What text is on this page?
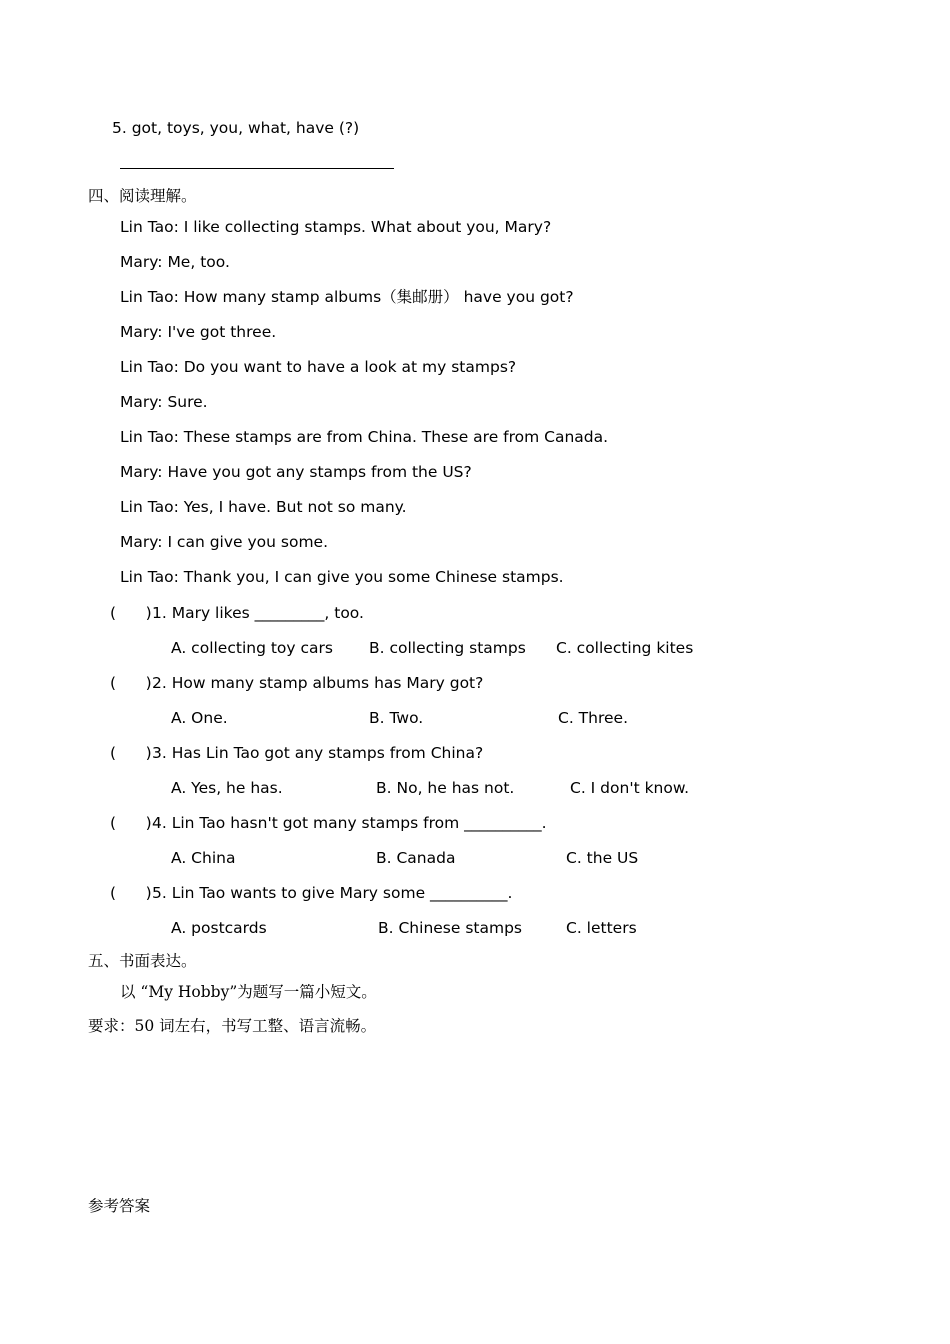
5. got, toys, you, what, have (?)
四、阅读理解。
Lin Tao: I like collecting stamps. What about you, Mary?
Mary: Me, too.
Lin Tao: How many stamp albums（集邮册） have you got?
Mary: I've got three.
Lin Tao: Do you want to have a look at my stamps?
Mary: Sure.
Lin Tao: These stamps are from China. These are from Canada.
Mary: Have you got any stamps from the US?
Lin Tao: Yes, I have. But not so many.
Mary: I can give you some.
Lin Tao: Thank you, I can give you some Chinese stamps.
(      ) 1. Mary likes _________, too.
A. collecting toy cars B. collecting stamps C. collecting kites
(      ) 2. How many stamp albums has Mary got?
A. One.	B. Two.	C. Three.
(      ) 3. Has Lin Tao got any stamps from China?
A. Yes, he has.	B. No, he has not.	C. I don't know.
(      ) 4. Lin Tao hasn't got many stamps from __________.
A. China	B. Canada	C. the US
(      ) 5. Lin Tao wants to give Mary some __________.
A. postcards	B. Chinese stamps	C. letters
五、书面表达。
以 “My Hobby”为题写一篇小短文。
要求：50 词左右，书写工整、语言流畅。
参考答案
